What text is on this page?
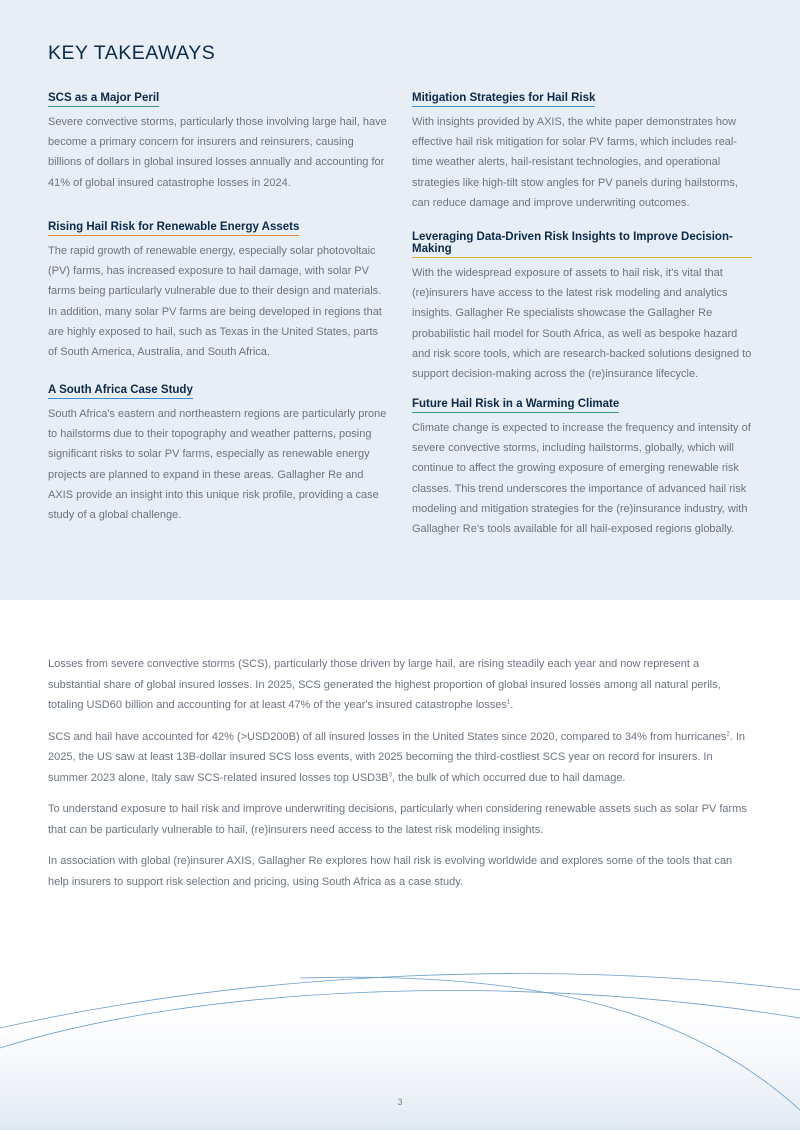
KEY TAKEAWAYS
SCS as a Major Peril

Severe convective storms, particularly those involving large hail, have become a primary concern for insurers and reinsurers, causing billions of dollars in global insured losses annually and accounting for 41% of global insured catastrophe losses in 2024.

Rising Hail Risk for Renewable Energy Assets

The rapid growth of renewable energy, especially solar photovoltaic (PV) farms, has increased exposure to hail damage, with solar PV farms being particularly vulnerable due to their design and materials. In addition, many solar PV farms are being developed in regions that are highly exposed to hail, such as Texas in the United States, parts of South America, Australia, and South Africa.

A South Africa Case Study

South Africa's eastern and northeastern regions are particularly prone to hailstorms due to their topography and weather patterns, posing significant risks to solar PV farms, especially as renewable energy projects are planned to expand in these areas. Gallagher Re and AXIS provide an insight into this unique risk profile, providing a case study of a global challenge.

Mitigation Strategies for Hail Risk

With insights provided by AXIS, the white paper demonstrates how effective hail risk mitigation for solar PV farms, which includes real-time weather alerts, hail-resistant technologies, and operational strategies like high-tilt stow angles for PV panels during hailstorms, can reduce damage and improve underwriting outcomes.

Leveraging Data-Driven Risk Insights to Improve Decision-Making

With the widespread exposure of assets to hail risk, it's vital that (re)insurers have access to the latest risk modeling and analytics insights. Gallagher Re specialists showcase the Gallagher Re probabilistic hail model for South Africa, as well as bespoke hazard and risk score tools, which are research-backed solutions designed to support decision-making across the (re)insurance lifecycle.

Future Hail Risk in a Warming Climate

Climate change is expected to increase the frequency and intensity of severe convective storms, including hailstorms, globally, which will continue to affect the growing exposure of emerging renewable risk classes. This trend underscores the importance of advanced hail risk modeling and mitigation strategies for the (re)insurance industry, with Gallagher Re's tools available for all hail-exposed regions globally.

Losses from severe convective storms (SCS), particularly those driven by large hail, are rising steadily each year and now represent a substantial share of global insured losses. In 2025, SCS generated the highest proportion of global insured losses among all natural perils, totaling USD60 billion and accounting for at least 47% of the year's insured catastrophe losses$^1$.

SCS and hail have accounted for 42% (>USD200B) of all insured losses in the United States since 2020, compared to 34% from hurricanes$^2$. In 2025, the US saw at least 13B-dollar insured SCS loss events, with 2025 becoming the third-costliest SCS year on record for insurers. In summer 2023 alone, Italy saw SCS-related insured losses top $USD3B^3$, the bulk of which occurred due to hail damage.

To understand exposure to hail risk and improve underwriting decisions, particularly when considering renewable assets such as solar PV farms that can be particularly vulnerable to hail, (re)insurers need access to the latest risk modeling insights.

In association with global (re)insurer AXIS, Gallagher Re explores how hail risk is evolving worldwide and explores some of the tools that can help insurers to support risk selection and pricing, using South Africa as a case study.

3
